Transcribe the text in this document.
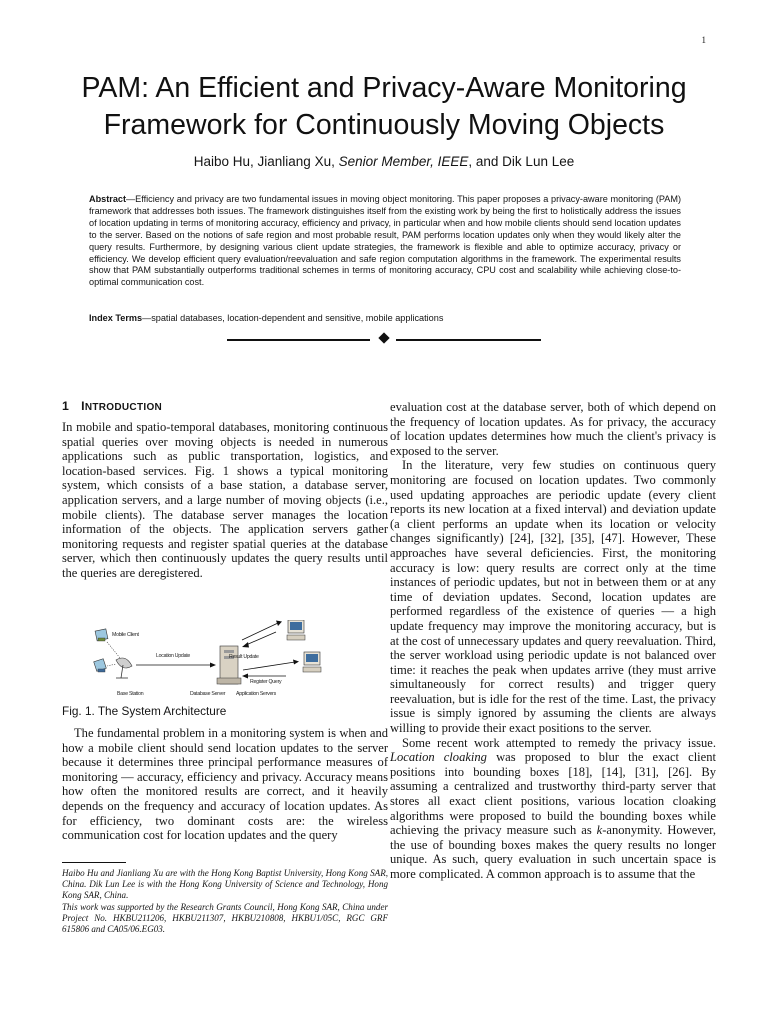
1
PAM: An Efficient and Privacy-Aware Monitoring Framework for Continuously Moving Objects
Haibo Hu, Jianliang Xu, Senior Member, IEEE, and Dik Lun Lee

Abstract—Efficiency and privacy are two fundamental issues in moving object monitoring. This paper proposes a privacy-aware monitoring (PAM) framework that addresses both issues. The framework distinguishes itself from the existing work by being the first to holistically address the issues of location updating in terms of monitoring accuracy, efficiency and privacy, in particular when and how mobile clients should send location updates to the server. Based on the notions of safe region and most probable result, PAM performs location updates only when they would likely alter the query results. Furthermore, by designing various client update strategies, the framework is flexible and able to optimize accuracy, privacy or efficiency. We develop efficient query evaluation/reevaluation and safe region computation algorithms in the framework. The experimental results show that PAM substantially outperforms traditional schemes in terms of monitoring accuracy, CPU cost and scalability while achieving close-to-optimal communication cost.

Index Terms—spatial databases, location-dependent and sensitive, mobile applications

1 INTRODUCTION

In mobile and spatio-temporal databases, monitoring continuous spatial queries over moving objects is needed in numerous applications such as public transportation, logistics, and location-based services. Fig. 1 shows a typical monitoring system, which consists of a base station, a database server, application servers, and a large number of moving objects (i.e., mobile clients). The database server manages the location information of the objects. The application servers gather monitoring requests and register spatial queries at the database server, which then continuously updates the query results until the queries are deregistered.

Mobile Client
Base Station
Location Update	Result Update
Database Server
Register Query
Application Servers

Fig. 1. The System Architecture

The fundamental problem in a monitoring system is when and how a mobile client should send location updates to the server because it determines three principal performance measures of monitoring — accuracy, efficiency and privacy. Accuracy means how often the monitored results are correct, and it heavily depends on the frequency and accuracy of location updates. As for efficiency, two dominant costs are: the wireless communication cost for location updates and the query

Haibo Hu and Jianliang Xu are with the Hong Kong Baptist University, Hong Kong SAR, China. Dik Lun Lee is with the Hong Kong University of Science and Technology, Hong Kong SAR, China.

This work was supported by the Research Grants Council, Hong Kong SAR, China under Project No. HKBU211206, HKBU211307, HKBU210808, HKBU1/05C, RGC GRF 615806 and CA05/06.EG03.

evaluation cost at the database server, both of which depend on the frequency of location updates. As for privacy, the accuracy of location updates determines how much the client's privacy is exposed to the server.

In the literature, very few studies on continuous query monitoring are focused on location updates. Two commonly used updating approaches are periodic update (every client reports its new location at a fixed interval) and deviation update (a client performs an update when its location or velocity changes significantly) [24], [32], [35], [47]. However, These approaches have several deficiencies. First, the monitoring accuracy is low: query results are correct only at the time instances of periodic updates, but not in between them or at any time of deviation updates. Second, location updates are performed regardless of the existence of queries — a high update frequency may improve the monitoring accuracy, but is at the cost of unnecessary updates and query reevaluation. Third, the server workload using periodic update is not balanced over time: it reaches the peak when updates arrive (they must arrive simultaneously for correct results) and trigger query reevaluation, but is idle for the rest of the time. Last, the privacy issue is simply ignored by assuming the clients are always willing to provide their exact positions to the server.

Some recent work attempted to remedy the privacy issue. Location cloaking was proposed to blur the exact client positions into bounding boxes [18], [14], [31], [26]. By assuming a centralized and trustworthy third-party server that stores all exact client positions, various location cloaking algorithms were proposed to build the bounding boxes while achieving the privacy measure such as k-anonymity. However, the use of bounding boxes makes the query results no longer unique. As such, query evaluation in such uncertain space is more complicated. A common approach is to assume that the
